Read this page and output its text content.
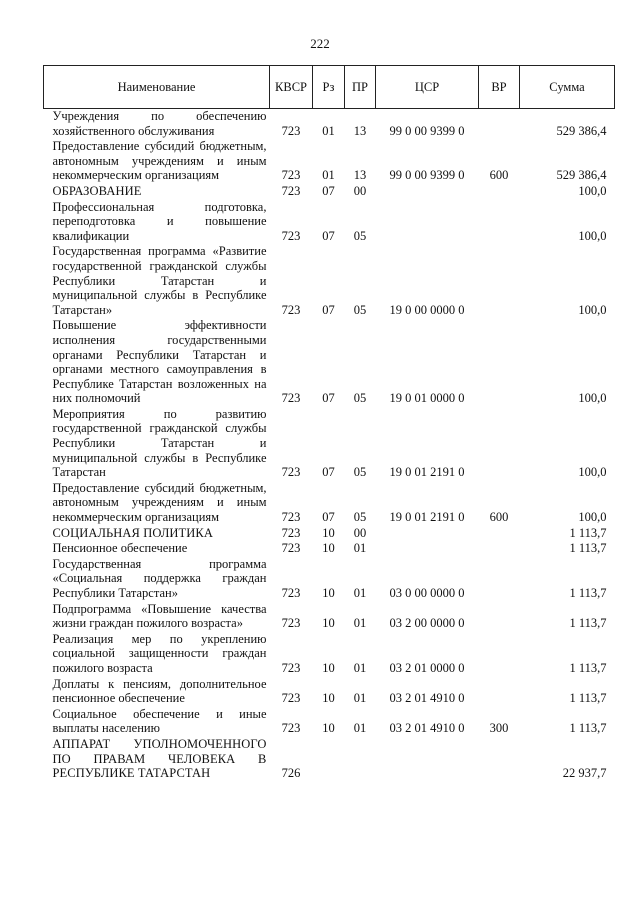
222
Наименование	КВСР	Рз	ПР	ЦСР	ВР	Сумма
Учреждения по обеспечению хозяйственного обслуживания	723	01	13	99 0 00 9399 0		529 386,4
Предоставление субсидий бюджетным, автономным учреждениям и иным некоммерческим организациям	723	01	13	99 0 00 9399 0	600	529 386,4
ОБРАЗОВАНИЕ	723	07	00			100,0
Профессиональная подготовка, переподготовка и повышение квалификации	723	07	05			100,0
Государственная программа «Развитие государственной гражданской службы Республики Татарстан и муниципальной службы в Республике Татарстан»	723	07	05	19 0 00 0000 0		100,0
Повышение эффективности исполнения государственными органами Республики Татарстан и органами местного самоуправления в Республике Татарстан возложенных на них полномочий	723	07	05	19 0 01 0000 0		100,0
Мероприятия по развитию государственной гражданской службы Республики Татарстан и муниципальной службы в Республике Татарстан	723	07	05	19 0 01 2191 0		100,0
Предоставление субсидий бюджетным, автономным учреждениям и иным некоммерческим организациям	723	07	05	19 0 01 2191 0	600	100,0
СОЦИАЛЬНАЯ ПОЛИТИКА	723	10	00			1 113,7
Пенсионное обеспечение	723	10	01			1 113,7
Государственная программа «Социальная поддержка граждан Республики Татарстан»	723	10	01	03 0 00 0000 0		1 113,7
Подпрограмма «Повышение качества жизни граждан пожилого возраста»	723	10	01	03 2 00 0000 0		1 113,7
Реализация мер по укреплению социальной защищенности граждан пожилого возраста	723	10	01	03 2 01 0000 0		1 113,7
Доплаты к пенсиям, дополнительное пенсионное обеспечение	723	10	01	03 2 01 4910 0		1 113,7
Социальное обеспечение и иные выплаты населению	723	10	01	03 2 01 4910 0	300	1 113,7
АППАРАТ УПОЛНОМОЧЕННОГО ПО ПРАВАМ ЧЕЛОВЕКА В РЕСПУБЛИКЕ ТАТАРСТАН	726					22 937,7
